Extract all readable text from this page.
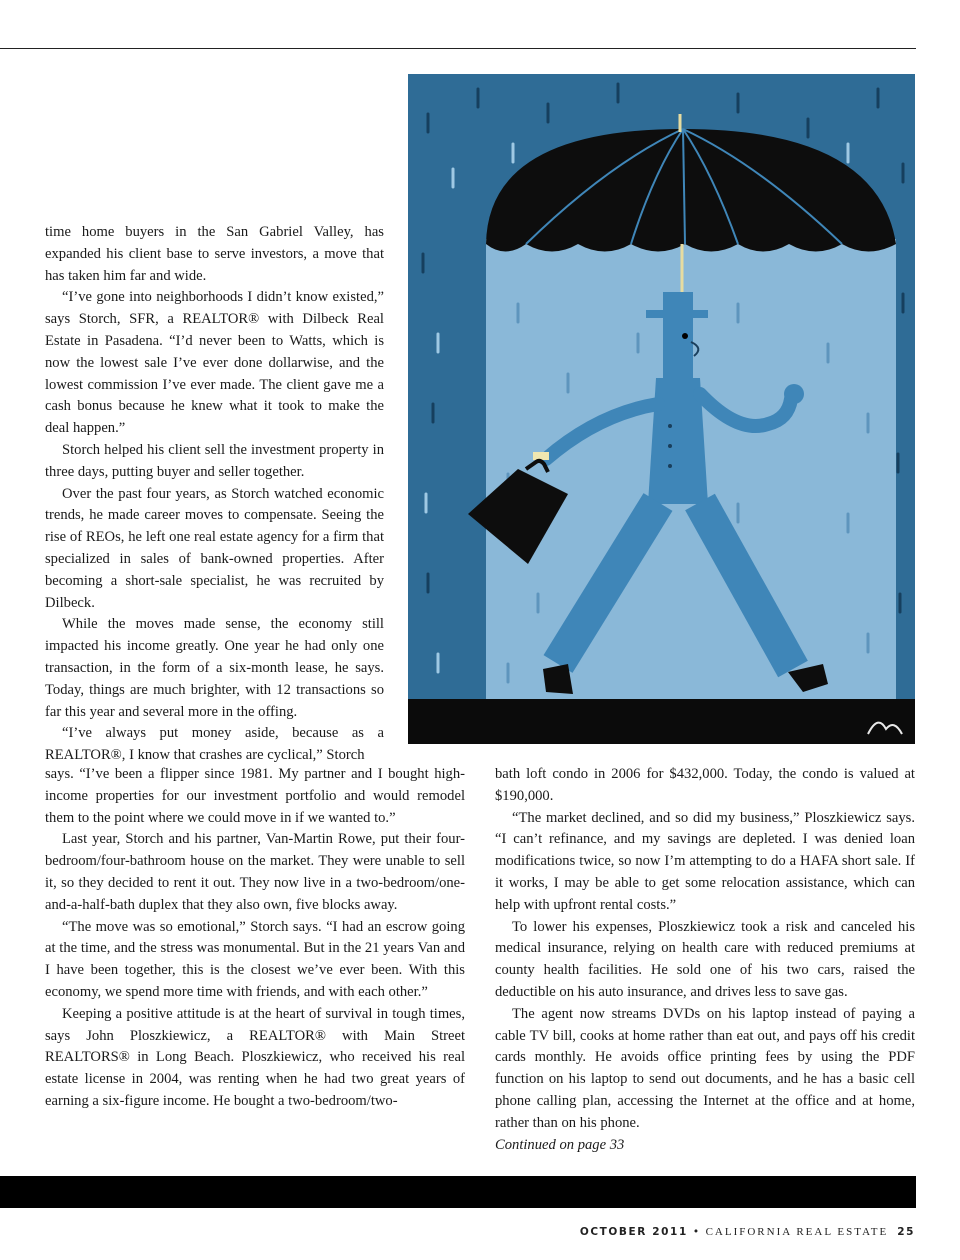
time home buyers in the San Gabriel Valley, has expanded his client base to serve investors, a move that has taken him far and wide.

“I’ve gone into neighborhoods I didn’t know existed,” says Storch, SFR, a REALTOR® with Dilbeck Real Estate in Pasadena. “I’d never been to Watts, which is now the lowest sale I’ve ever done dollarwise, and the lowest commission I’ve ever made. The client gave me a cash bonus because he knew what it took to make the deal happen.”

Storch helped his client sell the investment property in three days, putting buyer and seller together.

Over the past four years, as Storch watched economic trends, he made career moves to compensate. Seeing the rise of REOs, he left one real estate agency for a firm that specialized in sales of bank-owned properties. After becoming a short-sale specialist, he was recruited by Dilbeck.

While the moves made sense, the economy still impacted his income greatly. One year he had only one transaction, in the form of a six-month lease, he says. Today, things are much brighter, with 12 transactions so far this year and several more in the offing.

“I’ve always put money aside, because as a REALTOR®, I know that crashes are cyclical,” Storch

says. “I’ve been a flipper since 1981. My partner and I bought high-income properties for our investment portfolio and would remodel them to the point where we could move in if we wanted to.”

Last year, Storch and his partner, Van-Martin Rowe, put their four-bedroom/four-bathroom house on the market. They were unable to sell it, so they decided to rent it out. They now live in a two-bedroom/one-and-a-half-bath duplex that they also own, five blocks away.

“The move was so emotional,” Storch says. “I had an escrow going at the time, and the stress was monumental. But in the 21 years Van and I have been together, this is the closest we’ve ever been. With this economy, we spend more time with friends, and with each other.”

Keeping a positive attitude is at the heart of survival in tough times, says John Ploszkiewicz, a REALTOR® with Main Street REALTORS® in Long Beach. Ploszkiewicz, who received his real estate license in 2004, was renting when he had two great years of earning a six-figure income. He bought a two-bedroom/two-

bath loft condo in 2006 for $432,000. Today, the condo is valued at $190,000.

“The market declined, and so did my business,” Ploszkiewicz says. “I can’t refinance, and my savings are depleted. I was denied loan modifications twice, so now I’m attempting to do a HAFA short sale. If it works, I may be able to get some relocation assistance, which can help with upfront rental costs.”

To lower his expenses, Ploszkiewicz took a risk and canceled his medical insurance, relying on health care with reduced premiums at county health facilities. He sold one of his two cars, raised the deductible on his auto insurance, and drives less to save gas.

The agent now streams DVDs on his laptop instead of paying a cable TV bill, cooks at home rather than eat out, and pays off his credit cards monthly. He avoids office printing fees by using the PDF function on his laptop to send out documents, and he has a basic cell phone calling plan, accessing the Internet at the office and at home, rather than on his phone.

Continued on page 33

OCTOBER 2011 • CALIFORNIA REAL ESTATE 25
